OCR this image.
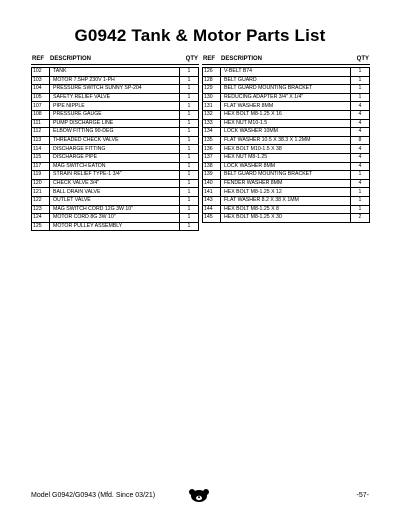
G0942 Tank & Motor Parts List
REF	DESCRIPTION	QTY
102	TANK	1
103	MOTOR 7.5HP 230V 1-PH	1
104	PRESSURE SWITCH SUNNY SP-204	1
105	SAFETY RELIEF VALVE	1
107	PIPE NIPPLE	1
108	PRESSURE GAUGE	1
111	PUMP DISCHARGE LINE	1
112	ELBOW FITTING 90-DEG	1
113	THREADED CHECK VALVE	1
114	DISCHARGE FITTING	1
115	DISCHARGE PIPE	1
117	MAG SWITCH EATON	1
119	STRAIN RELIEF TYPE-1 3/4"	1
120	CHECK VALVE 3/4"	1
121	BALL DRAIN VALVE	1
122	OUTLET VALVE	1
123	MAG SWITCH CORD 12G 3W 10"	1
124	MOTOR CORD 8G 3W 10"	1
125	MOTOR PULLEY ASSEMBLY	1
REF	DESCRIPTION	QTY
126	V-BELT B74	1
128	BELT GUARD	1
129	BELT GUARD MOUNTING BRACKET	1
130	REDUCING ADAPTER 3/4" X 1/4"	1
131	FLAT WASHER 8MM	4
132	HEX BOLT M8-1.25 X 16	4
133	HEX NUT M10-1.5	4
134	LOCK WASHER 10MM	4
135	FLAT WASHER 10.5 X 38.3 X 1.2MM	8
136	HEX BOLT M10-1.5 X 38	4
137	HEX NUT M8-1.25	4
138	LOCK WASHER 8MM	4
139	BELT GUARD MOUNTING BRACKET	1
140	FENDER WASHER 8MM	4
141	HEX BOLT M8-1.25 X 12	1
143	FLAT WASHER 8.2 X 38 X 1MM	1
144	HEX BOLT M8-1.25 X 8	1
145	HEX BOLT M8-1.25 X 30	2
Model G0942/G0943 (Mfd. Since 03/21)	-57-
